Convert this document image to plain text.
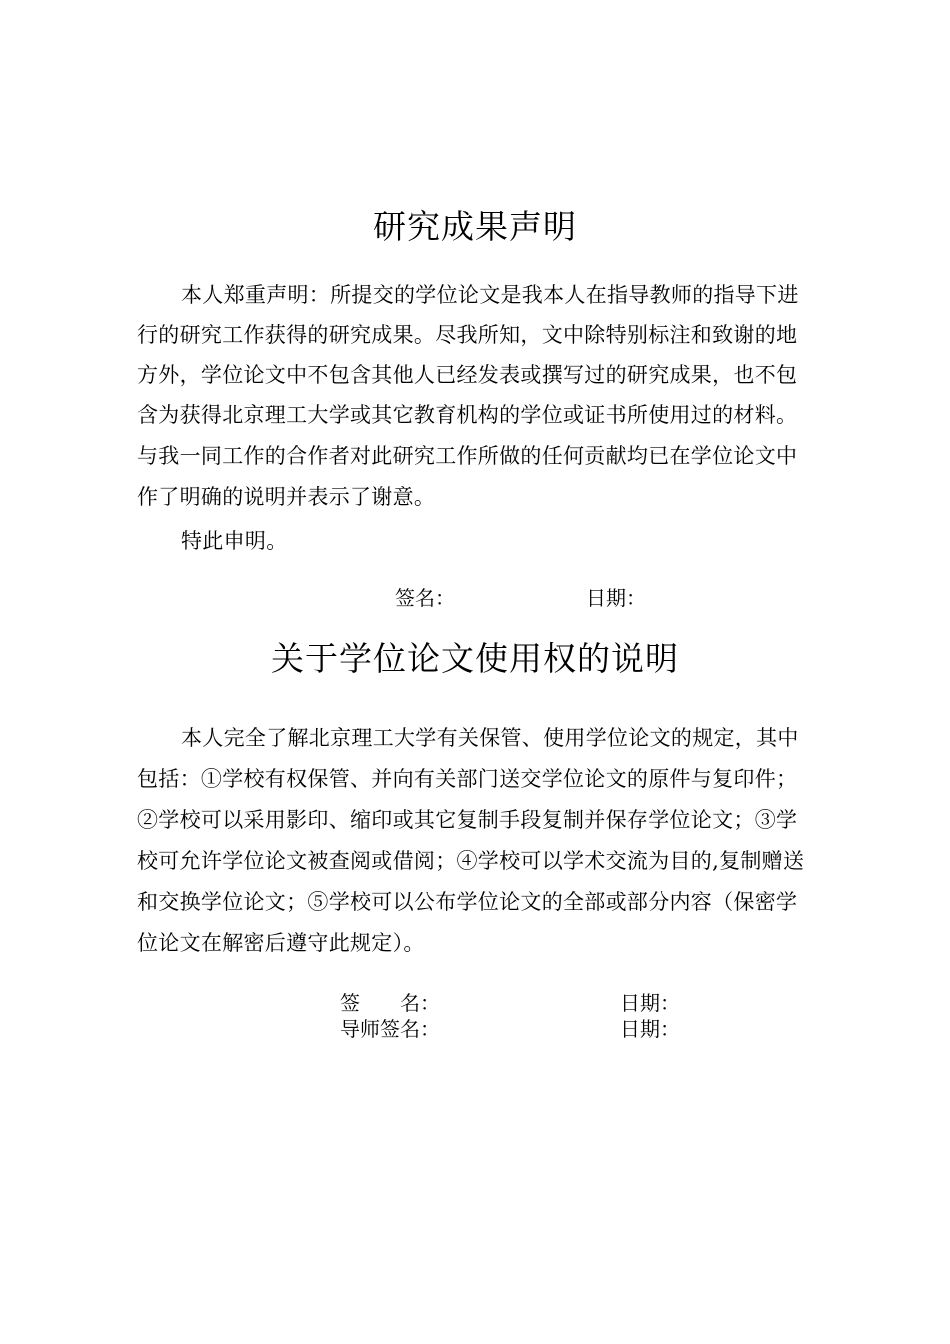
研究成果声明

本人郑重声明：所提交的学位论文是我本人在指导教师的指导下进

行的研究工作获得的研究成果。尽我所知，文中除特别标注和致谢的地

方外，学位论文中不包含其他人已经发表或撰写过的研究成果，也不包

含为获得北京理工大学或其它教育机构的学位或证书所使用过的材料。

与我一同工作的合作者对此研究工作所做的任何贡献均已在学位论文中

作了明确的说明并表示了谢意。

特此申明。

签名：	日期：

关于学位论文使用权的说明

本人完全了解北京理工大学有关保管、使用学位论文的规定，其中

包括：①学校有权保管、并向有关部门送交学位论文的原件与复印件；

②学校可以采用影印、缩印或其它复制手段复制并保存学位论文；③学

校可允许学位论文被查阅或借阅；④学校可以学术交流为目的,复制赠送

和交换学位论文；⑤学校可以公布学位论文的全部或部分内容（保密学

位论文在解密后遵守此规定）。

签　　名：	日期：

导师签名：	日期：
